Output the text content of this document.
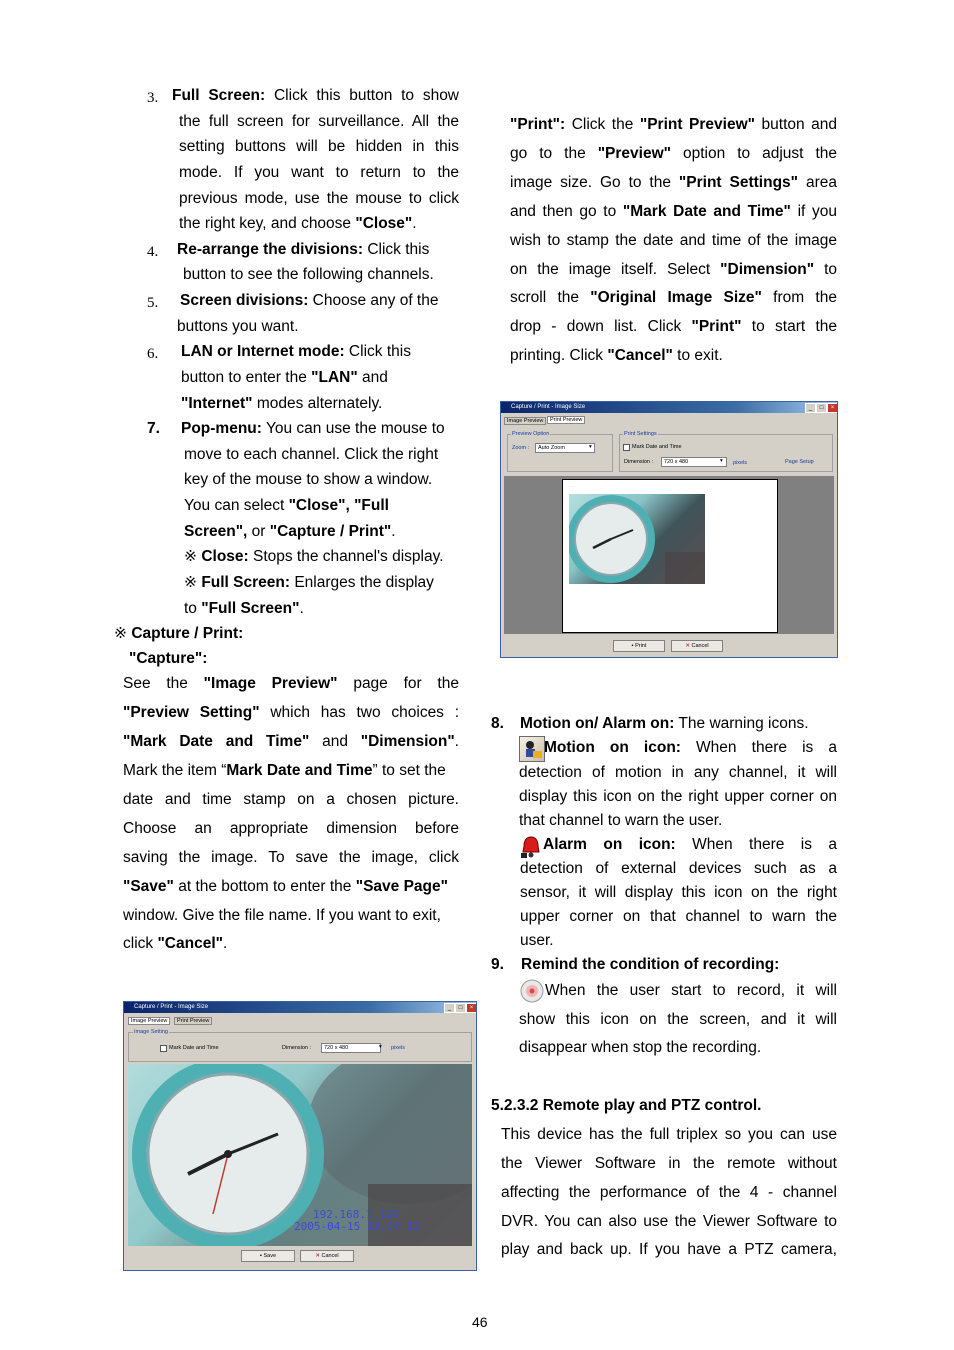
3. Full Screen: Click this button to show
the full screen for surveillance. All the
setting buttons will be hidden in this
mode. If you want to return to the
previous mode, use the mouse to click
the right key, and choose "Close".
4. Re-arrange the divisions: Click this
button to see the following channels.
5. Screen divisions: Choose any of the
buttons you want.
6. LAN or Internet mode: Click this
button to enter the "LAN" and
"Internet" modes alternately.
7. Pop-menu: You can use the mouse to
move to each channel. Click the right
key of the mouse to show a window.
You can select "Close", "Full
Screen", or "Capture / Print".
※ Close: Stops the channel's display.
※ Full Screen: Enlarges the display
to "Full Screen".
※ Capture / Print:
"Capture":
See the "Image Preview" page for the
"Preview Setting" which has two choices :
"Mark Date and Time" and "Dimension".
Mark the item “Mark Date and Time” to set the
date and time stamp on a chosen picture.
Choose an appropriate dimension before
saving the image. To save the image, click
"Save" at the bottom to enter the "Save Page"
window. Give the file name. If you want to exit,
click "Cancel".
Capture / Print - Image Size	_	□	×
Image Preview	Print Preview
Image Setting
Mark Date and Time	Dimension :	720 x 480	▾ pixels
192.168.1.189
2005-04-15 13:37:12
▪ Save	✕ Cancel
"Print": Click the "Print Preview" button and
go to the "Preview" option to adjust the
image size. Go to the "Print Settings" area
and then go to "Mark Date and Time" if you
wish to stamp the date and time of the image
on the image itself. Select "Dimension" to
scroll the "Original Image Size" from the
drop - down list. Click "Print" to start the
printing. Click "Cancel" to exit.
Capture / Print - Image Size	_	□	×
Image Preview	Print Preview
Preview Option
Zoom :	Auto Zoom	▾
Print Settings
Mark Date and Time
Dimension :	720 x 480	▾ pixels	Page Setup
·····
▪ Print	✕ Cancel
8. Motion on/ Alarm on: The warning icons.
Motion on icon: When there is a
detection of motion in any channel, it will
display this icon on the right upper corner on
that channel to warn the user.
Alarm on icon: When there is a
detection of external devices such as a
sensor, it will display this icon on the right
upper corner on that channel to warn the
user.
9. Remind the condition of recording:
When the user start to record, it will
show this icon on the screen, and it will
disappear when stop the recording.
5.2.3.2 Remote play and PTZ control.
This device has the full triplex so you can use
the Viewer Software in the remote without
affecting the performance of the 4 - channel
DVR. You can also use the Viewer Software to
play and back up. If you have a PTZ camera,
46
